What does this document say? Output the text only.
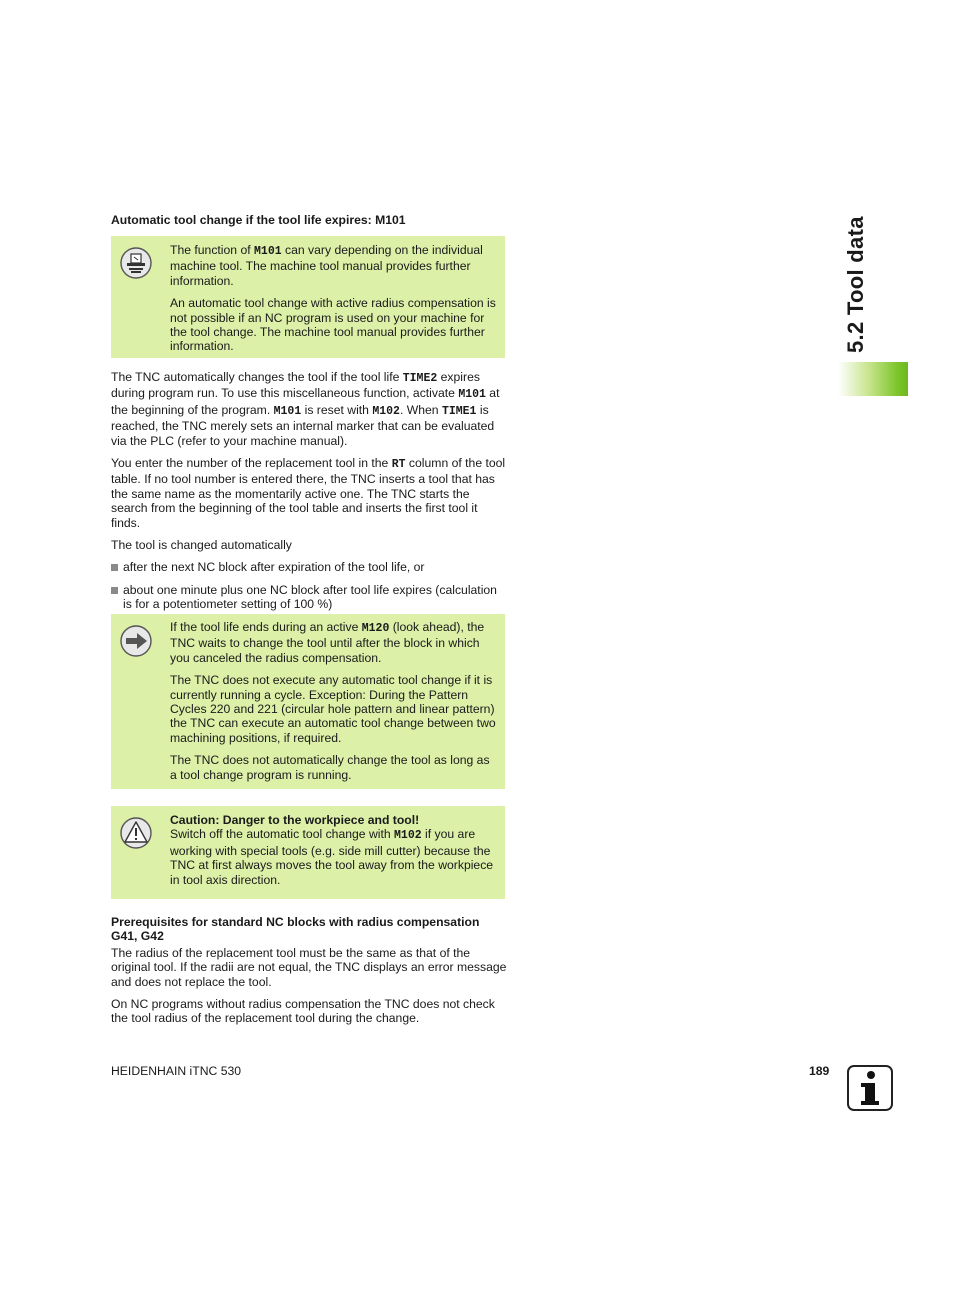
Automatic tool change if the tool life expires: M101

The function of M101 can vary depending on the individual machine tool. The machine tool manual provides further information.

An automatic tool change with active radius compensation is not possible if an NC program is used on your machine for the tool change. The machine tool manual provides further information.

The TNC automatically changes the tool if the tool life TIME2 expires during program run. To use this miscellaneous function, activate M101 at the beginning of the program. M101 is reset with M102. When TIME1 is reached, the TNC merely sets an internal marker that can be evaluated via the PLC (refer to your machine manual).

You enter the number of the replacement tool in the RT column of the tool table. If no tool number is entered there, the TNC inserts a tool that has the same name as the momentarily active one. The TNC starts the search from the beginning of the tool table and inserts the first tool it finds.

The tool is changed automatically

after the next NC block after expiration of the tool life, or
about one minute plus one NC block after tool life expires (calculation is for a potentiometer setting of 100 %)

If the tool life ends during an active M120 (look ahead), the TNC waits to change the tool until after the block in which you canceled the radius compensation.

The TNC does not execute any automatic tool change if it is currently running a cycle. Exception: During the Pattern Cycles 220 and 221 (circular hole pattern and linear pattern) the TNC can execute an automatic tool change between two machining positions, if required.

The TNC does not automatically change the tool as long as a tool change program is running.

Caution: Danger to the workpiece and tool!

Switch off the automatic tool change with M102 if you are working with special tools (e.g. side mill cutter) because the TNC at first always moves the tool away from the workpiece in tool axis direction.

Prerequisites for standard NC blocks with radius compensation G41, G42

The radius of the replacement tool must be the same as that of the original tool. If the radii are not equal, the TNC displays an error message and does not replace the tool.

On NC programs without radius compensation the TNC does not check the tool radius of the replacement tool during the change.

5.2 Tool data
HEIDENHAIN iTNC 530	189
